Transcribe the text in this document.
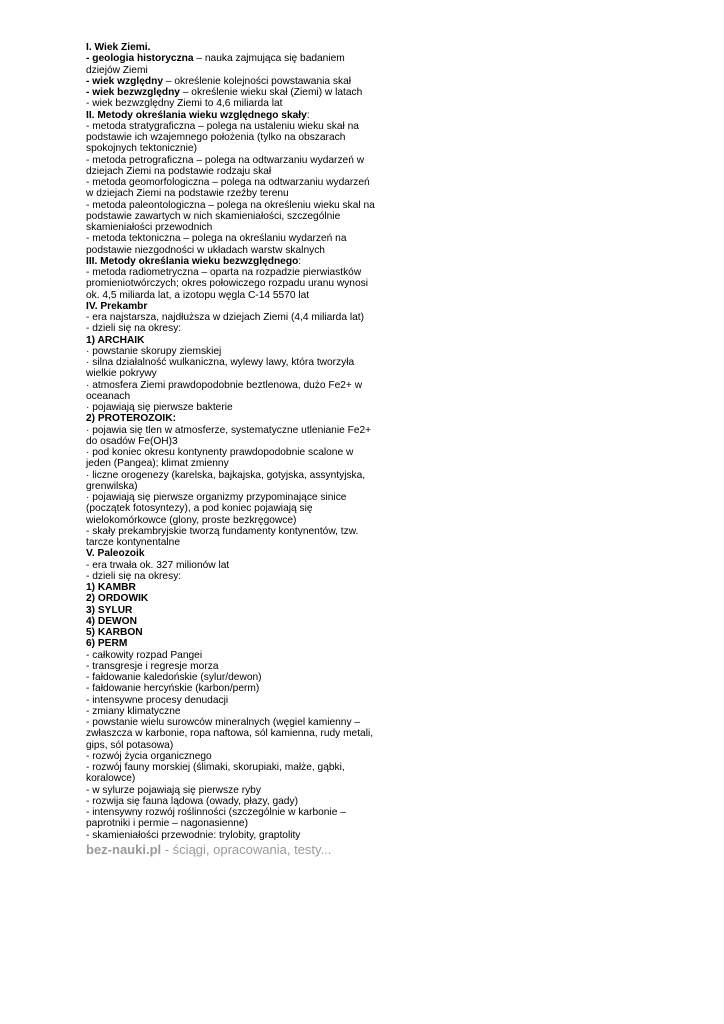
I. Wiek Ziemi.

- geologia historyczna – nauka zajmująca się badaniem dziejów Ziemi

- wiek względny – określenie kolejności powstawania skał

- wiek bezwzględny – określenie wieku skał (Ziemi) w latach

- wiek bezwzględny Ziemi to 4,6 miliarda lat

II. Metody określania wieku względnego skały:

- metoda stratygraficzna – polega na ustaleniu wieku skał na podstawie ich wzajemnego położenia (tylko na obszarach spokojnych tektonicznie)

- metoda petrograficzna – polega na odtwarzaniu wydarzeń w dziejach Ziemi na podstawie rodzaju skał

- metoda geomorfologiczna – polega na odtwarzaniu wydarzeń w dziejach Ziemi na podstawie rzeźby terenu

- metoda paleontologiczna – polega na określeniu wieku skal na podstawie zawartych w nich skamieniałości, szczególnie skamieniałości przewodnich

- metoda tektoniczna – polega na określaniu wydarzeń na podstawie niezgodności w układach warstw skalnych

III. Metody określania wieku bezwzględnego:

- metoda radiometryczna – oparta na rozpadzie pierwiastków promieniotwórczych; okres połowiczego rozpadu uranu wynosi ok. 4,5 miliarda lat, a izotopu węgla C-14 5570 lat

IV. Prekambr

- era najstarsza, najdłuższa w dziejach Ziemi (4,4 miliarda lat)

- dzieli się na okresy:

1) ARCHAIK

· powstanie skorupy ziemskiej

· silna działalność wulkaniczna, wylewy lawy, która tworzyła wielkie pokrywy

· atmosfera Ziemi prawdopodobnie beztlenowa, dużo Fe2+ w oceanach

· pojawiają się pierwsze bakterie

2) PROTEROZOIK:

· pojawia się tlen w atmosferze, systematyczne utlenianie Fe2+ do osadów Fe(OH)3

· pod koniec okresu kontynenty prawdopodobnie scalone w jeden (Pangea); klimat zmienny

· liczne orogenezy (karelska, bajkajska, gotyjska, assyntyjska, grenwilska)

· pojawiają się pierwsze organizmy przypominające sinice (początek fotosyntezy), a pod koniec pojawiają się wielokomórkowce (glony, proste bezkręgowce)

- skały prekambryjskie tworzą fundamenty kontynentów, tzw. tarcze kontynentalne

V. Paleozoik

- era trwała ok. 327 milionów lat

- dzieli się na okresy:

1) KAMBR

2) ORDOWIK

3) SYLUR

4) DEWON

5) KARBON

6) PERM

- całkowity rozpad Pangei

- transgresje i regresje morza

- fałdowanie kaledońskie (sylur/dewon)

- fałdowanie hercyńskie (karbon/perm)

- intensywne procesy denudacji

- zmiany klimatyczne

- powstanie wielu surowców mineralnych (węgiel kamienny – zwłaszcza w karbonie, ropa naftowa, sól kamienna, rudy metali, gips, sól potasowa)

- rozwój życia organicznego

- rozwój fauny morskiej (ślimaki, skorupiaki, małże, gąbki, koralowce)

- w sylurze pojawiają się pierwsze ryby

- rozwija się fauna lądowa (owady, płazy, gady)

- intensywny rozwój roślinności (szczególnie w karbonie – paprotniki i permie – nagonasienne)

- skamieniałości przewodnie: trylobity, graptolity

bez-nauki.pl - ściągi, opracowania, testy...
